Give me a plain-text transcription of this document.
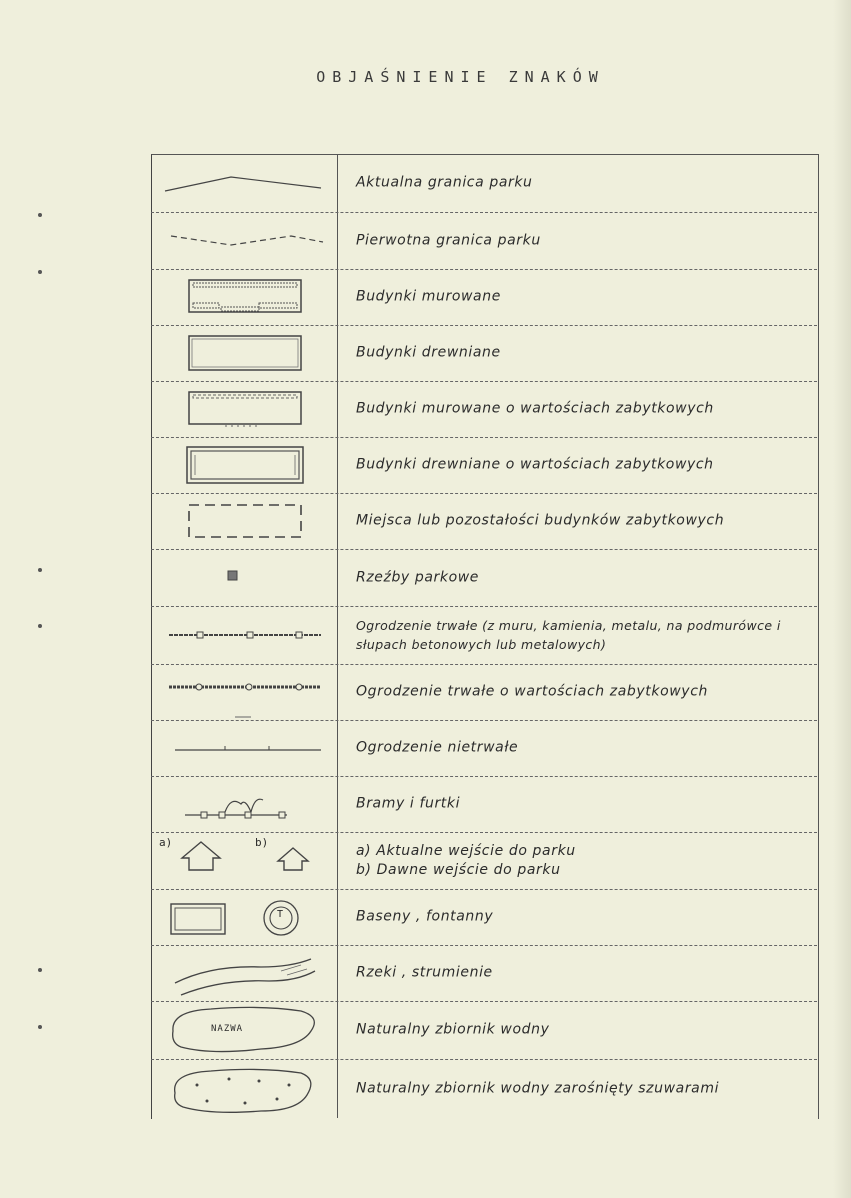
OBJAŚNIENIE ZNAKÓW
Aktualna granica parku
Pierwotna granica parku
Budynki murowane
Budynki drewniane
Budynki murowane o wartościach zabytkowych
Budynki drewniane o wartościach zabytkowych
Miejsca lub pozostałości budynków zabytkowych
Rzeźby parkowe
Ogrodzenie trwałe (z muru, kamienia, metalu, na podmurówce i słupach betonowych lub metalowych)
Ogrodzenie trwałe o wartościach zabytkowych
Ogrodzenie nietrwałe
Bramy i furtki
a)	b)	a) Aktualne wejście do parku
b) Dawne wejście do parku
T	Baseny , fontanny
Rzeki , strumienie
NAZWA	Naturalny zbiornik wodny
Naturalny zbiornik wodny zarośnięty szuwarami
